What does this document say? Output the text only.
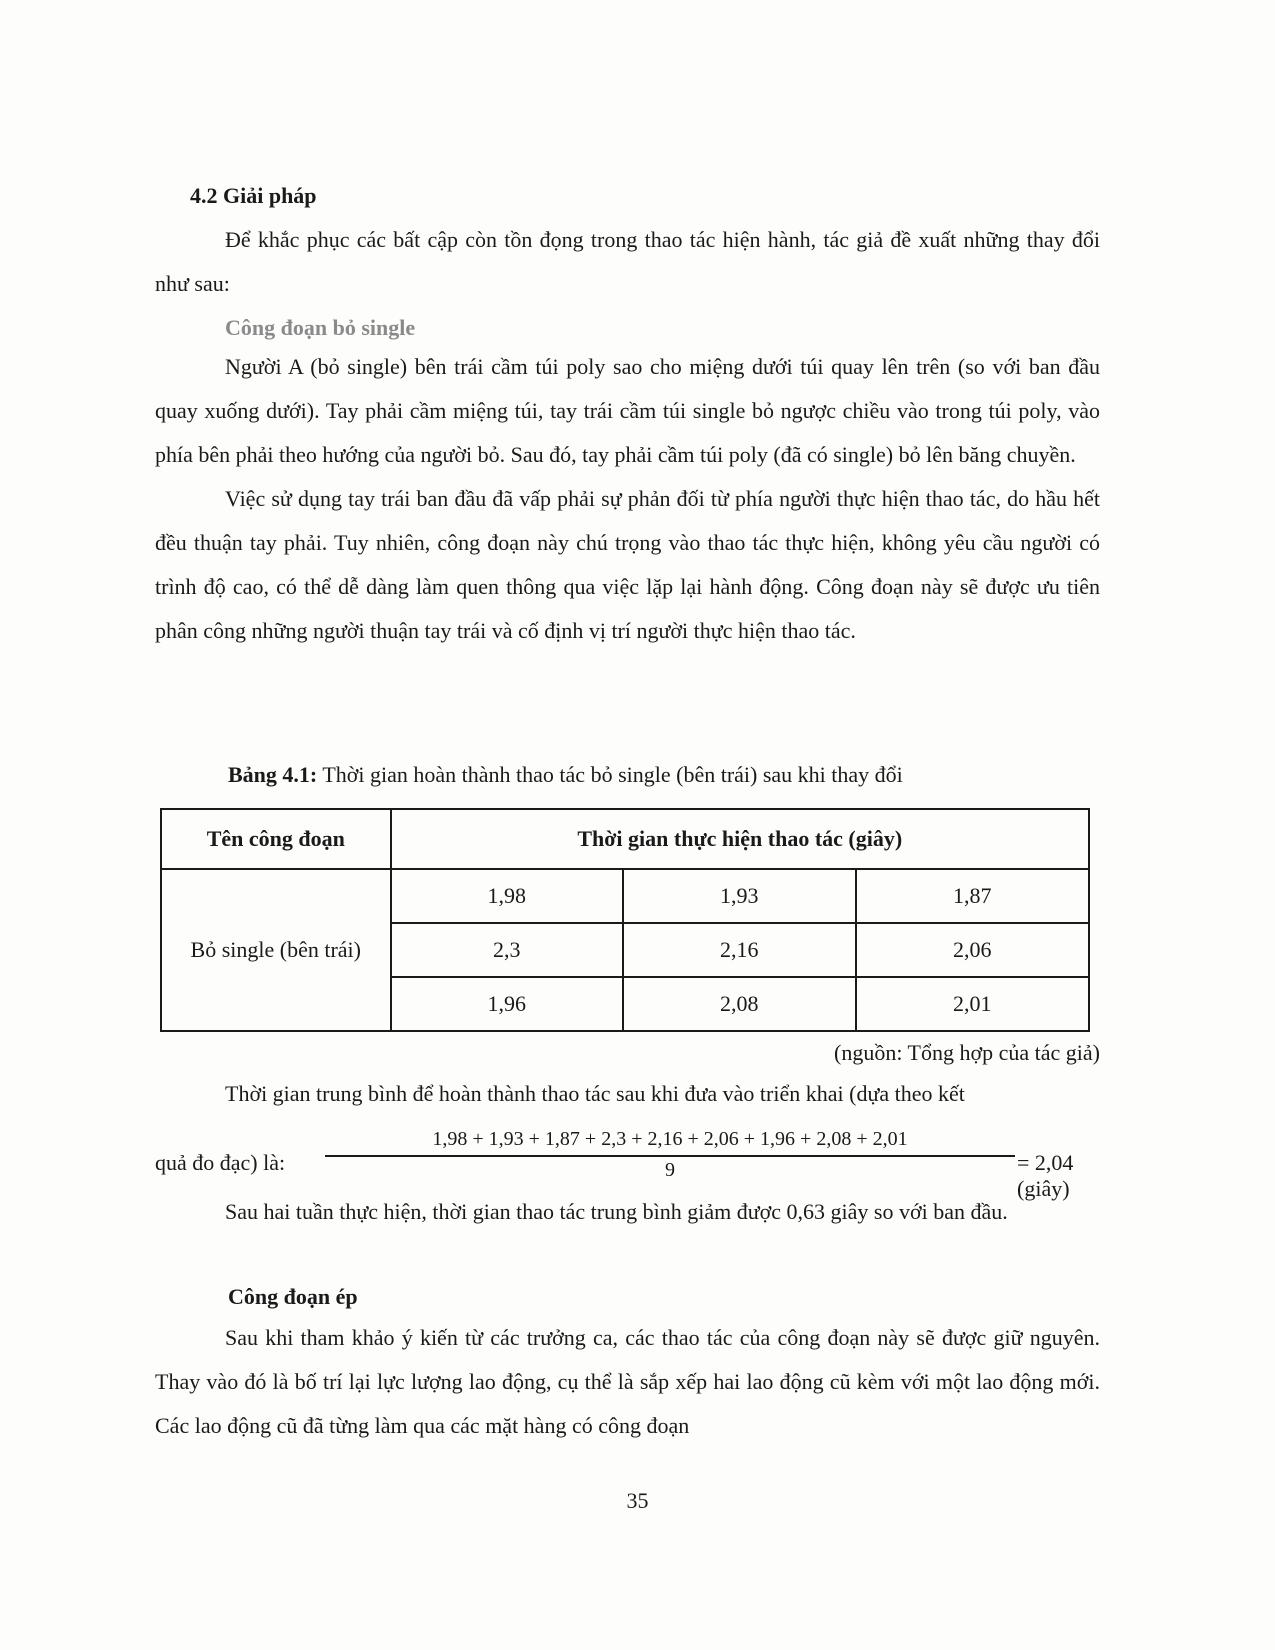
4.2 Giải pháp

Để khắc phục các bất cập còn tồn đọng trong thao tác hiện hành, tác giả đề xuất những thay đổi như sau:

Công đoạn bỏ single

Người A (bỏ single) bên trái cầm túi poly sao cho miệng dưới túi quay lên trên (so với ban đầu quay xuống dưới). Tay phải cầm miệng túi, tay trái cầm túi single bỏ ngược chiều vào trong túi poly, vào phía bên phải theo hướng của người bỏ. Sau đó, tay phải cầm túi poly (đã có single) bỏ lên băng chuyền.

Việc sử dụng tay trái ban đầu đã vấp phải sự phản đối từ phía người thực hiện thao tác, do hầu hết đều thuận tay phải. Tuy nhiên, công đoạn này chú trọng vào thao tác thực hiện, không yêu cầu người có trình độ cao, có thể dễ dàng làm quen thông qua việc lặp lại hành động. Công đoạn này sẽ được ưu tiên phân công những người thuận tay trái và cố định vị trí người thực hiện thao tác.

Bảng 4.1: Thời gian hoàn thành thao tác bỏ single (bên trái) sau khi thay đổi
Tên công đoạn	Thời gian thực hiện thao tác (giây)		
Bỏ single (bên trái)	1,98	1,93	1,87
	2,3	2,16	2,06
	1,96	2,08	2,01
(nguồn: Tổng hợp của tác giả)

Thời gian trung bình để hoàn thành thao tác sau khi đưa vào triển khai (dựa theo kết

quả đo đạc) là: $\frac{1,98 + 1,93 + 1,87 + 2,3 + 2,16 + 2,06 + 1,96 + 2,08 + 2,01}{9} = 2,04$ (giây)

Sau hai tuần thực hiện, thời gian thao tác trung bình giảm được 0,63 giây so với ban đầu.

Công đoạn ép

Sau khi tham khảo ý kiến từ các trưởng ca, các thao tác của công đoạn này sẽ được giữ nguyên. Thay vào đó là bố trí lại lực lượng lao động, cụ thể là sắp xếp hai lao động cũ kèm với một lao động mới. Các lao động cũ đã từng làm qua các mặt hàng có công đoạn

35
